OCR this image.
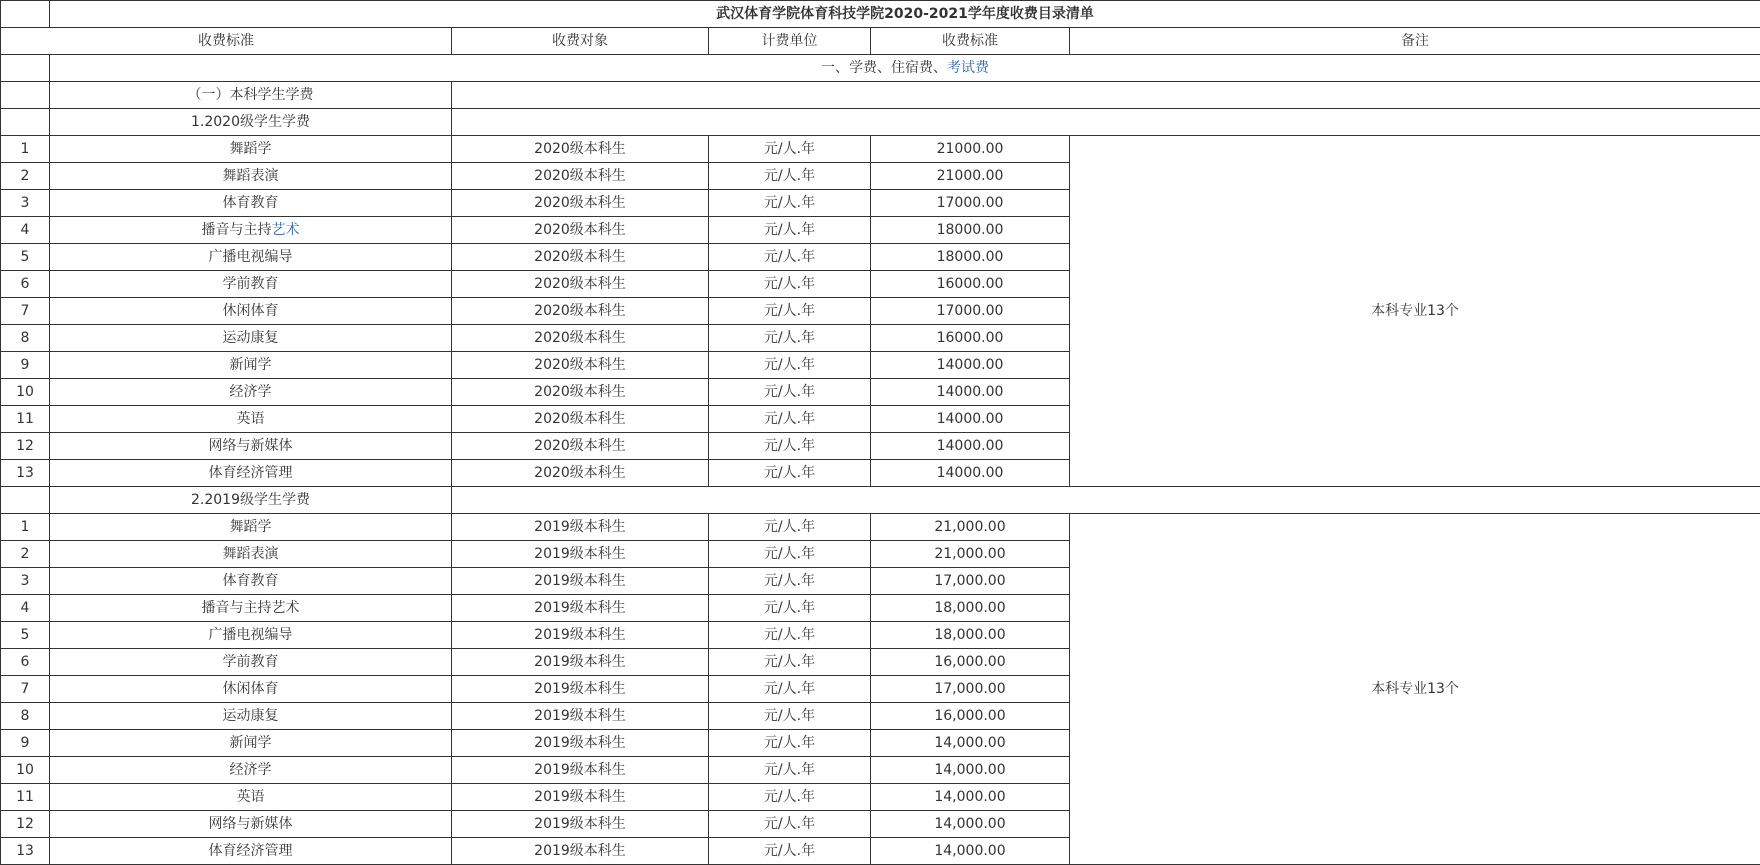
	武汉体育学院体育科技学院2020-2021学年度收费目录清单				
收费标准		收费对象	计费单位	收费标准	备注
	一、学费、住宿费、考试费				
	（一）本科学生学费				
	1.2020级学生学费				
1	舞蹈学	2020级本科生	元/人.年	21000.00	本科专业13个
2	舞蹈表演	2020级本科生	元/人.年	21000.00	
3	体育教育	2020级本科生	元/人.年	17000.00	
4	播音与主持艺术	2020级本科生	元/人.年	18000.00	
5	广播电视编导	2020级本科生	元/人.年	18000.00	
6	学前教育	2020级本科生	元/人.年	16000.00	
7	休闲体育	2020级本科生	元/人.年	17000.00	
8	运动康复	2020级本科生	元/人.年	16000.00	
9	新闻学	2020级本科生	元/人.年	14000.00	
10	经济学	2020级本科生	元/人.年	14000.00	
11	英语	2020级本科生	元/人.年	14000.00	
12	网络与新媒体	2020级本科生	元/人.年	14000.00	
13	体育经济管理	2020级本科生	元/人.年	14000.00	
	2.2019级学生学费				
1	舞蹈学	2019级本科生	元/人.年	21,000.00	本科专业13个
2	舞蹈表演	2019级本科生	元/人.年	21,000.00	
3	体育教育	2019级本科生	元/人.年	17,000.00	
4	播音与主持艺术	2019级本科生	元/人.年	18,000.00	
5	广播电视编导	2019级本科生	元/人.年	18,000.00	
6	学前教育	2019级本科生	元/人.年	16,000.00	
7	休闲体育	2019级本科生	元/人.年	17,000.00	
8	运动康复	2019级本科生	元/人.年	16,000.00	
9	新闻学	2019级本科生	元/人.年	14,000.00	
10	经济学	2019级本科生	元/人.年	14,000.00	
11	英语	2019级本科生	元/人.年	14,000.00	
12	网络与新媒体	2019级本科生	元/人.年	14,000.00	
13	体育经济管理	2019级本科生	元/人.年	14,000.00	
